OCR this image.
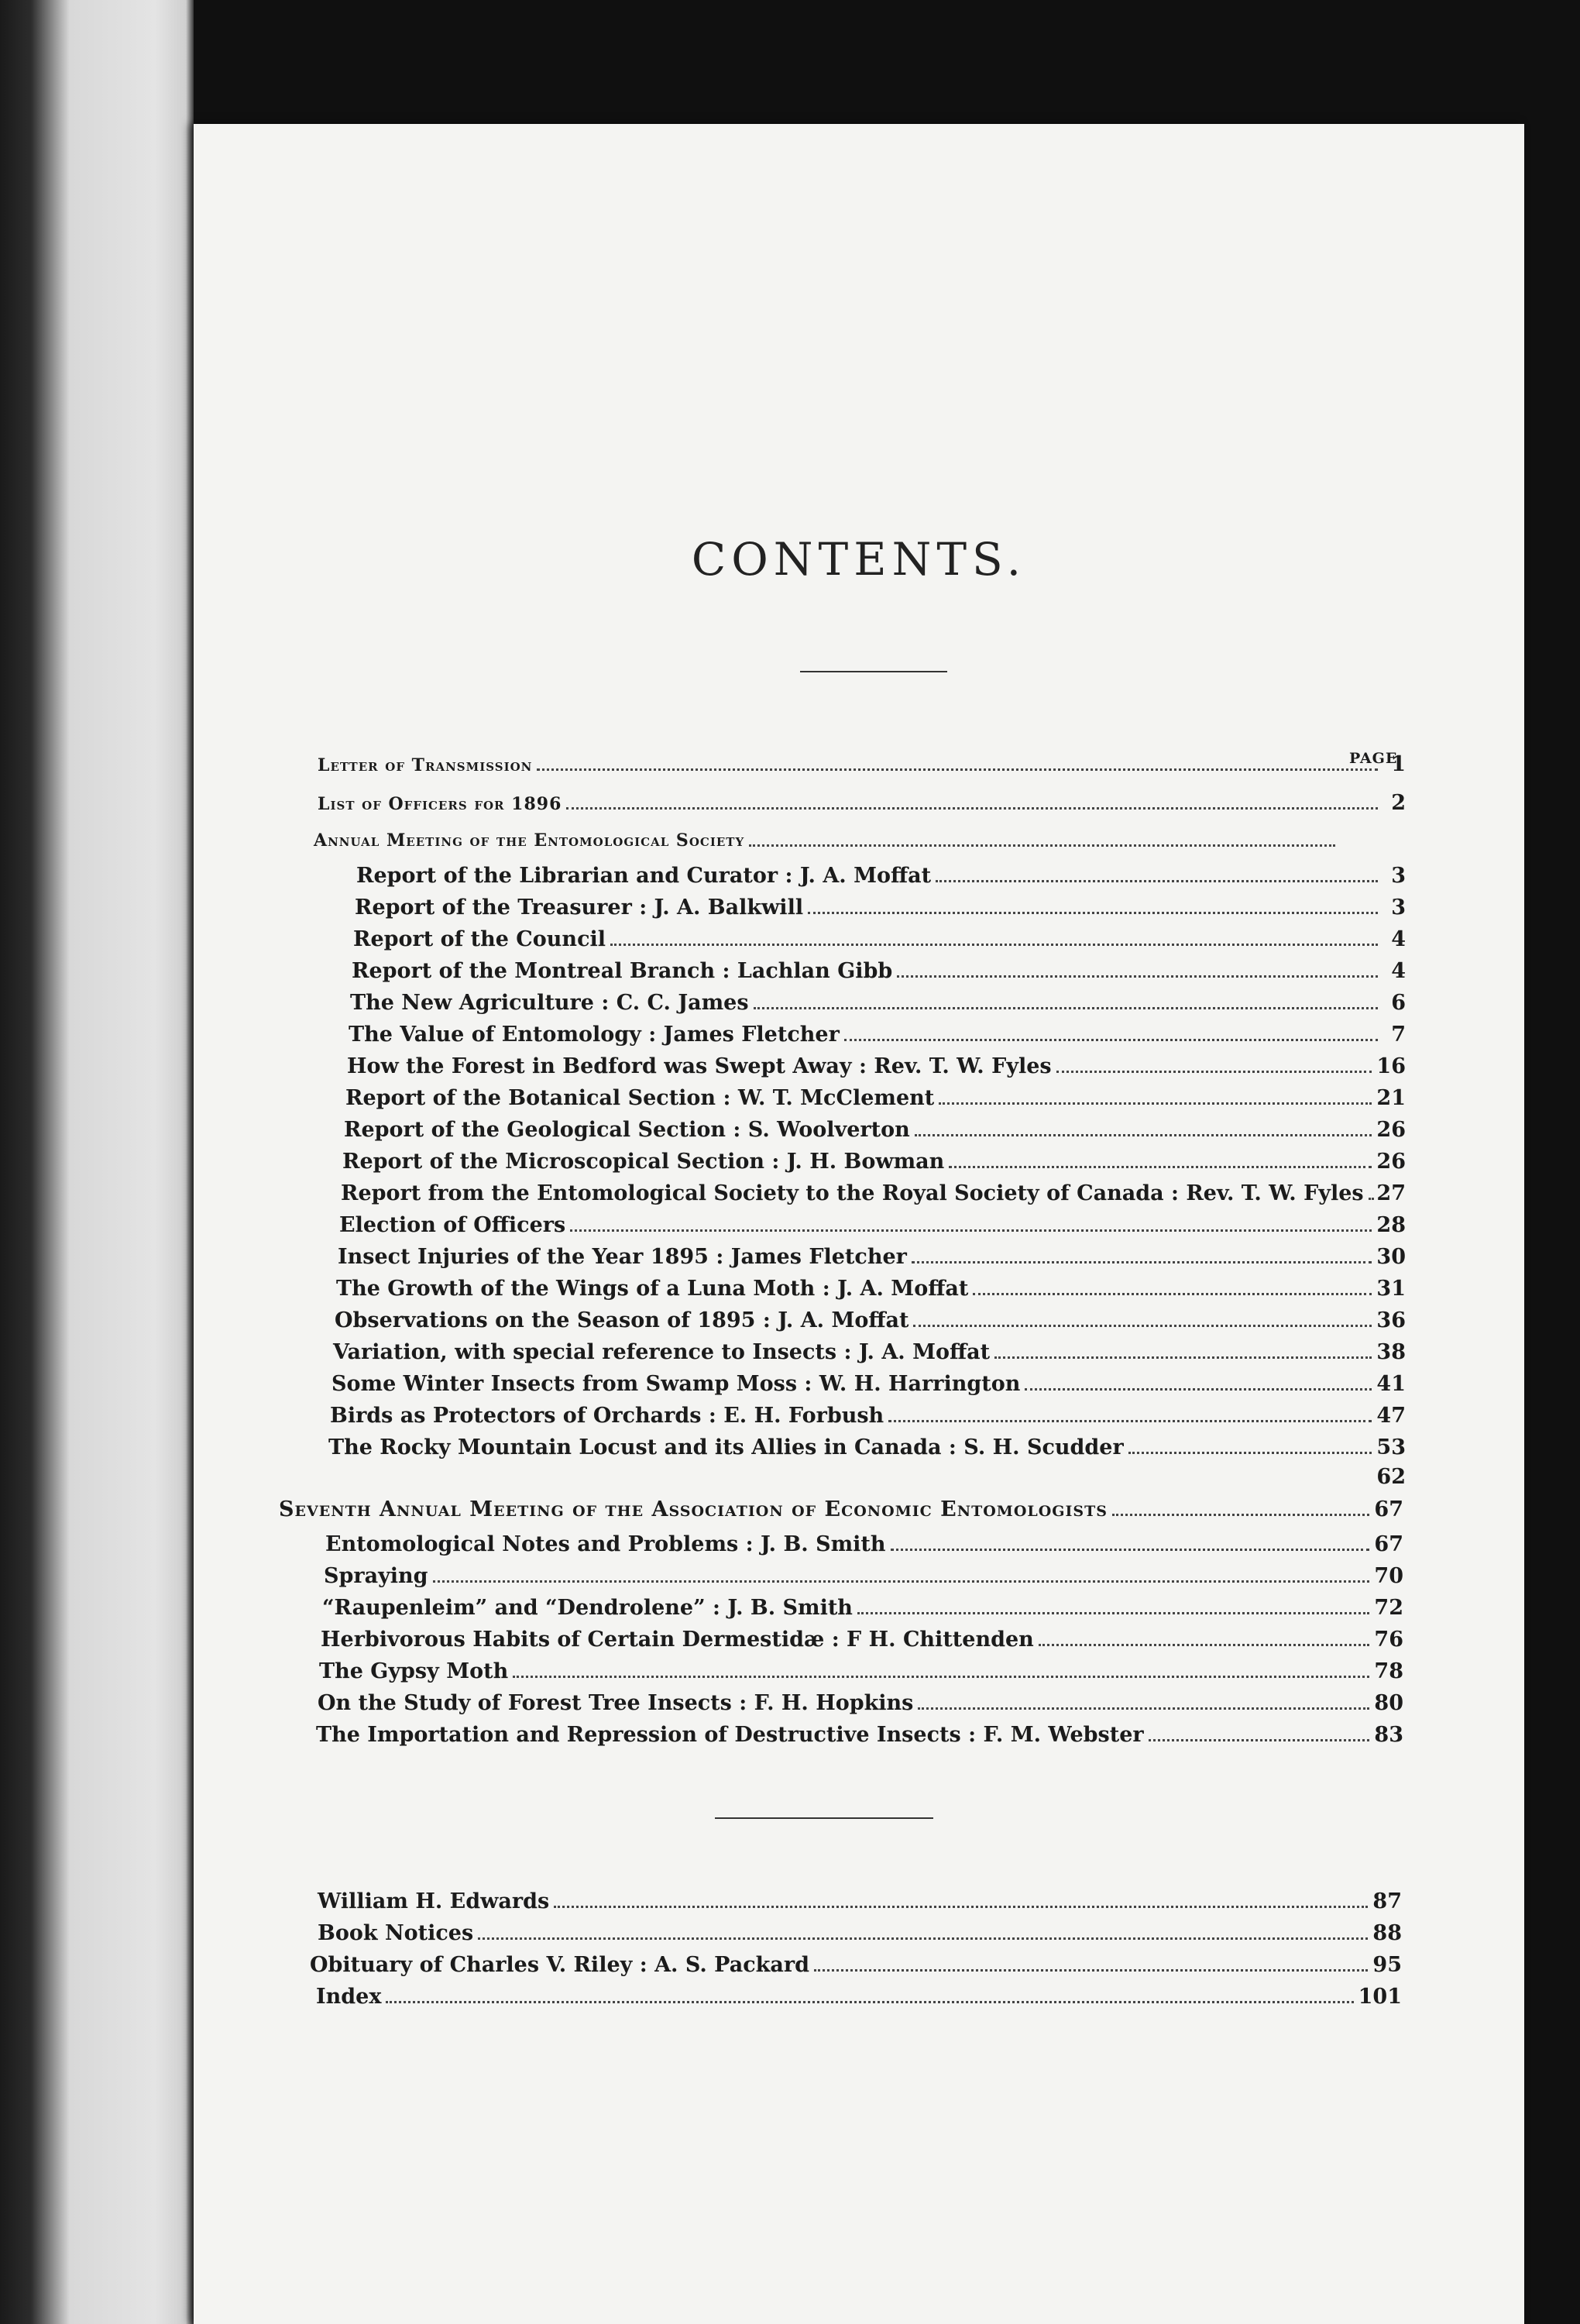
CONTENTS.
PAGE
Letter of Transmission	1
List of Officers for 1896	2
Annual Meeting of the Entomological Society
Report of the Librarian and Curator : J. A. Moffat	3
Report of the Treasurer : J. A. Balkwill	3
Report of the Council	4
Report of the Montreal Branch : Lachlan Gibb	4
The New Agriculture : C. C. James	6
The Value of Entomology : James Fletcher	7
How the Forest in Bedford was Swept Away : Rev. T. W. Fyles	16
Report of the Botanical Section : W. T. McClement	21
Report of the Geological Section : S. Woolverton	26
Report of the Microscopical Section : J. H. Bowman	26
Report from the Entomological Society to the Royal Society of Canada : Rev. T. W. Fyles 27
Election of Officers	28
Insect Injuries of the Year 1895 : James Fletcher	30
The Growth of the Wings of a Luna Moth : J. A. Moffat	31
Observations on the Season of 1895 : J. A. Moffat	36
Variation, with special reference to Insects : J. A. Moffat	38
Some Winter Insects from Swamp Moss : W. H. Harrington	41
Birds as Protectors of Orchards : E. H. Forbush	47
The Rocky Mountain Locust and its Allies in Canada : S. H. Scudder	53
62
Seventh Annual Meeting of the Association of Economic Entomologists	67
Entomological Notes and Problems : J. B. Smith	67
Spraying	70
“Raupenleim” and “Dendrolene” : J. B. Smith	72
Herbivorous Habits of Certain Dermestidæ : F H. Chittenden	76
The Gypsy Moth	78
On the Study of Forest Tree Insects : F. H. Hopkins	80
The Importation and Repression of Destructive Insects : F. M. Webster	83
William H. Edwards	87
Book Notices	88
Obituary of Charles V. Riley : A. S. Packard	95
Index	101
